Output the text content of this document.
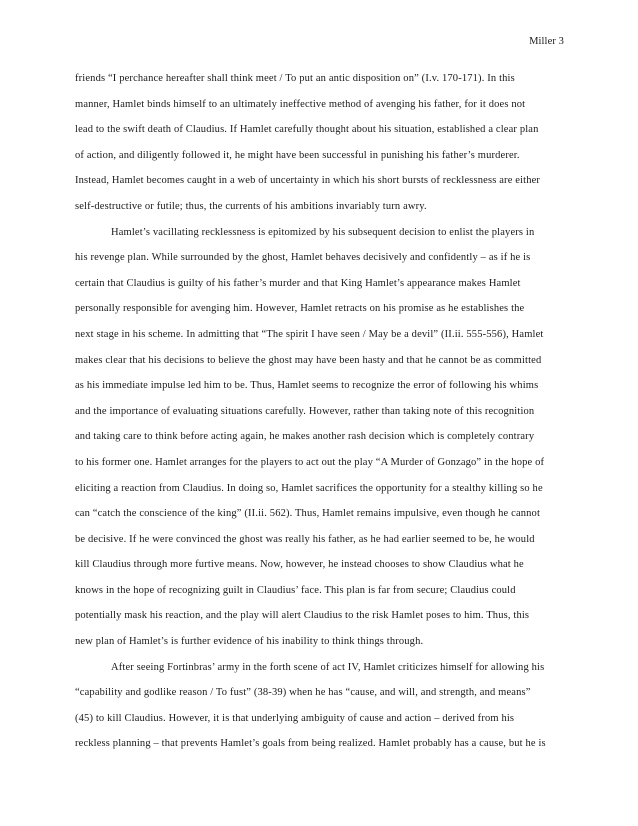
Miller 3
friends “I perchance hereafter shall think meet / To put an antic disposition on” (I.v. 170-171). In this
manner, Hamlet binds himself to an ultimately ineffective method of avenging his father, for it does not
lead to the swift death of Claudius. If Hamlet carefully thought about his situation, established a clear plan
of action, and diligently followed it, he might have been successful in punishing his father’s murderer.
Instead, Hamlet becomes caught in a web of uncertainty in which his short bursts of recklessness are either
self-destructive or futile; thus, the currents of his ambitions invariably turn awry.
Hamlet’s vacillating recklessness is epitomized by his subsequent decision to enlist the players in
his revenge plan. While surrounded by the ghost, Hamlet behaves decisively and confidently – as if he is
certain that Claudius is guilty of his father’s murder and that King Hamlet’s appearance makes Hamlet
personally responsible for avenging him. However, Hamlet retracts on his promise as he establishes the
next stage in his scheme. In admitting that “The spirit I have seen / May be a devil” (II.ii. 555-556), Hamlet
makes clear that his decisions to believe the ghost may have been hasty and that he cannot be as committed
as his immediate impulse led him to be. Thus, Hamlet seems to recognize the error of following his whims
and the importance of evaluating situations carefully. However, rather than taking note of this recognition
and taking care to think before acting again, he makes another rash decision which is completely contrary
to his former one. Hamlet arranges for the players to act out the play “A Murder of Gonzago” in the hope of
eliciting a reaction from Claudius. In doing so, Hamlet sacrifices the opportunity for a stealthy killing so he
can “catch the conscience of the king” (II.ii. 562). Thus, Hamlet remains impulsive, even though he cannot
be decisive. If he were convinced the ghost was really his father, as he had earlier seemed to be, he would
kill Claudius through more furtive means. Now, however, he instead chooses to show Claudius what he
knows in the hope of recognizing guilt in Claudius’ face. This plan is far from secure; Claudius could
potentially mask his reaction, and the play will alert Claudius to the risk Hamlet poses to him. Thus, this
new plan of Hamlet’s is further evidence of his inability to think things through.
After seeing Fortinbras’ army in the forth scene of act IV, Hamlet criticizes himself for allowing his
“capability and godlike reason / To fust” (38-39) when he has “cause, and will, and strength, and means”
(45) to kill Claudius. However, it is that underlying ambiguity of cause and action – derived from his
reckless planning – that prevents Hamlet’s goals from being realized. Hamlet probably has a cause, but he is
